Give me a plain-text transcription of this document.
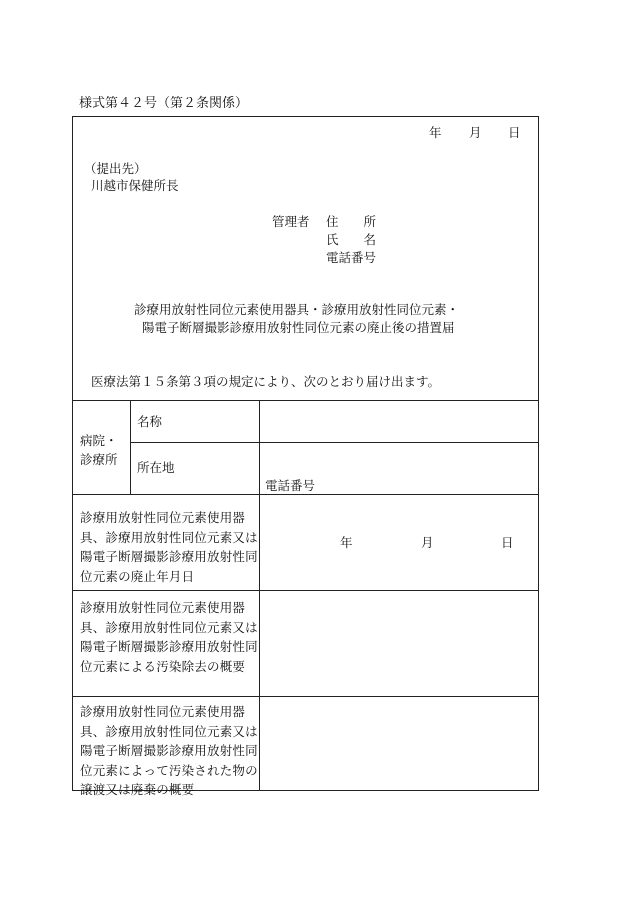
様式第４２号（第２条関係）
年 月 日
（提出先）
川越市保健所長
管理者 住　　所
氏　　名
電話番号
診療用放射性同位元素使用器具・診療用放射性同位元素・
陽電子断層撮影診療用放射性同位元素の廃止後の措置届
医療法第１５条第３項の規定により、次のとおり届け出ます。
病院・
診療所
名称
所在地
電話番号
診療用放射性同位元素使用器具、診療用放射性同位元素又は陽電子断層撮影診療用放射性同位元素の廃止年月日
年	月	日
診療用放射性同位元素使用器具、診療用放射性同位元素又は陽電子断層撮影診療用放射性同位元素による汚染除去の概要
診療用放射性同位元素使用器具、診療用放射性同位元素又は陽電子断層撮影診療用放射性同位元素によって汚染された物の譲渡又は廃棄の概要
